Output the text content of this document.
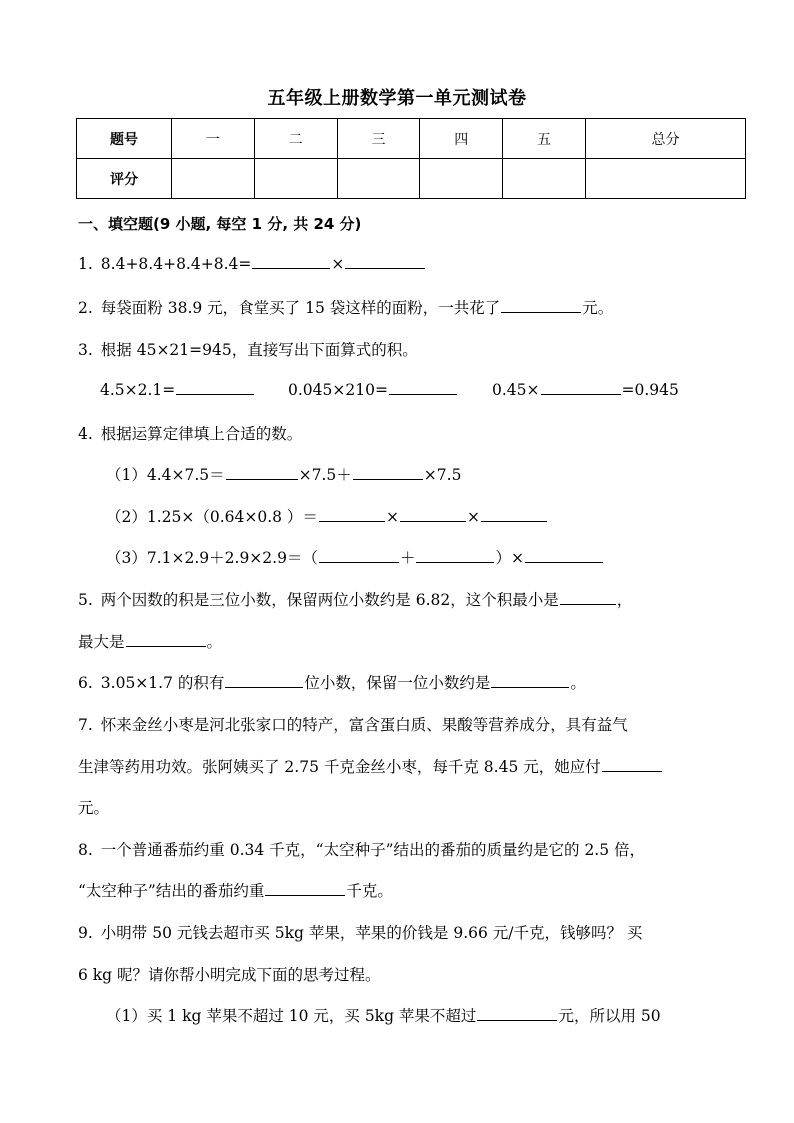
五年级上册数学第一单元测试卷
题号	一	二	三	四	五	总分
评分						
一、填空题(9 小题, 每空 1 分, 共 24 分)
1. 8.4+8.4+8.4+8.4=	×
2. 每袋面粉 38.9 元，食堂买了 15 袋这样的面粉，一共花了	元。
3. 根据 45×21=945，直接写出下面算式的积。
4.5×2.1=	0.045×210=	0.45×	=0.945
4. 根据运算定律填上合适的数。
（1）4.4×7.5＝	×7.5＋	×7.5
（2）1.25×（0.64×0.8 ）＝	×	×
（3）7.1×2.9＋2.9×2.9＝（	＋	）×
5. 两个因数的积是三位小数，保留两位小数约是 6.82，这个积最小是	，
最大是	。
6. 3.05×1.7 的积有	位小数，保留一位小数约是	。
7. 怀来金丝小枣是河北张家口的特产，富含蛋白质、果酸等营养成分，具有益气
生津等药用功效。张阿姨买了 2.75 千克金丝小枣，每千克 8.45 元，她应付
元。
8. 一个普通番茄约重 0.34 千克，“太空种子”结出的番茄的质量约是它的 2.5 倍，
“太空种子”结出的番茄约重	千克。
9. 小明带 50 元钱去超市买 5kg 苹果，苹果的价钱是 9.66 元/千克，钱够吗？ 买
6 kg 呢？请你帮小明完成下面的思考过程。
（1）买 1 kg 苹果不超过 10 元，买 5kg 苹果不超过	元，所以用 50
